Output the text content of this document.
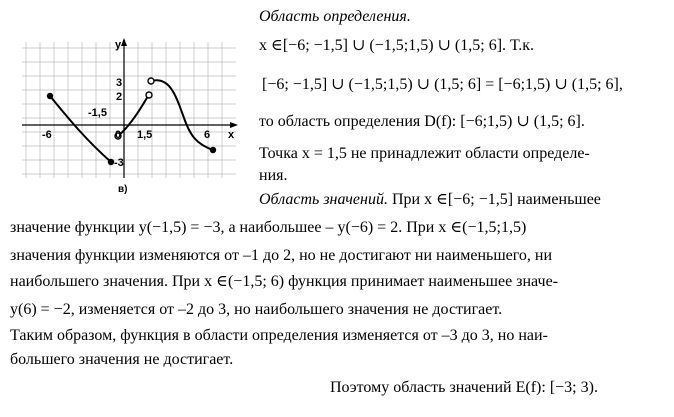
y
x
-6
-1,5
0 1,5	6
3
2
-3
в)
Область определения.
x ∈[−6; −1,5] ∪ (−1,5;1,5) ∪ (1,5; 6]. Т.к.
[−6; −1,5] ∪ (−1,5;1,5) ∪ (1,5; 6] = [−6;1,5) ∪ (1,5; 6],
то область определения D(f): [−6;1,5) ∪ (1,5; 6].
Точка x = 1,5 не принадлежит области определе-
ния.
Область значений. При x ∈[−6; −1,5] наименьшее
значение функции y(−1,5) = −3, а наибольшее – y(−6) = 2. При x ∈(−1,5;1,5)
значения функции изменяются от –1 до 2, но не достигают ни наименьшего, ни
наибольшего значения. При x ∈(−1,5; 6) функция принимает наименьшее значе-
y(6) = −2, изменяется от –2 до 3, но наибольшего значения не достигает.
Таким образом, функция в области определения изменяется от –3 до 3, но наи-
большего значения не достигает.
Поэтому область значений E(f): [−3; 3).
